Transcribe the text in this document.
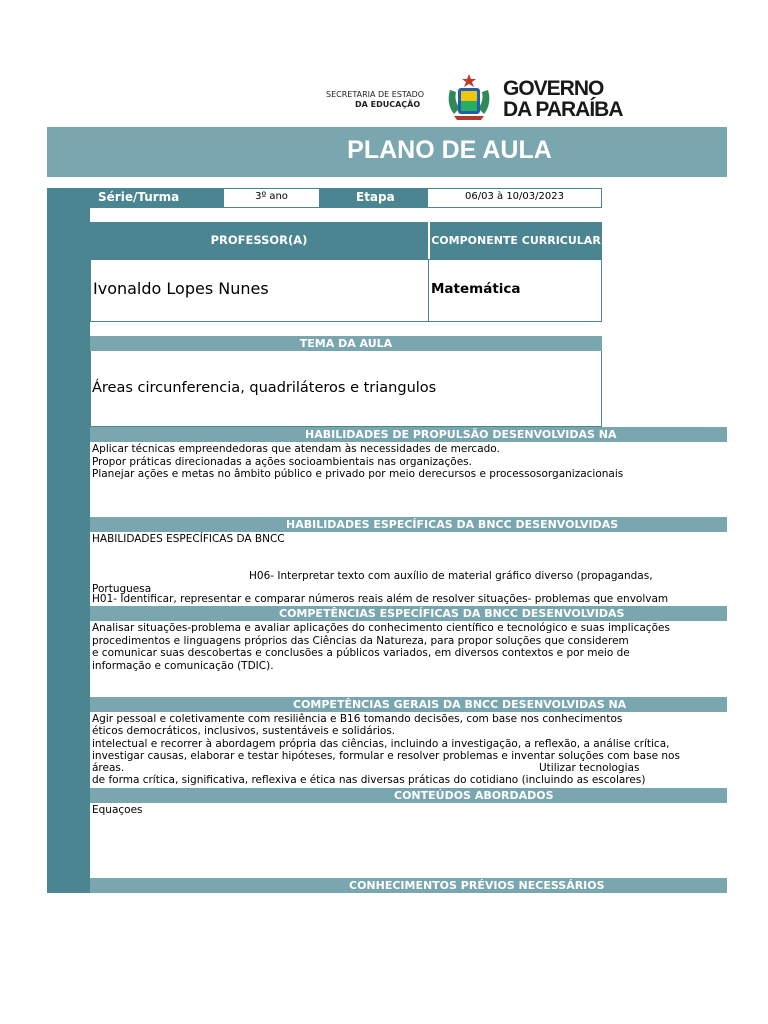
SECRETARIA DE ESTADO
DA EDUCAÇÃO
GOVERNO
DA PARAÍBA
PLANO DE AULA
Série/Turma	3º ano	Etapa	06/03 à 10/03/2023
PROFESSOR(A)	COMPONENTE CURRICULAR
Ivonaldo Lopes Nunes	Matemática
TEMA DA AULA
Áreas circunferencia, quadriláteros e triangulos
HABILIDADES DE PROPULSÃO DESENVOLVIDAS NA
Aplicar técnicas empreendedoras que atendam às necessidades de mercado.
Propor práticas direcionadas a ações socioambientais nas organizações.
Planejar ações e metas no âmbito público e privado por meio derecursos e processosorganizacionais
HABILIDADES ESPECÍFICAS DA BNCC DESENVOLVIDAS
HABILIDADES ESPECÍFICAS DA BNCC
H06- Interpretar texto com auxílio de material gráfico diverso (propagandas,
Portuguesa
H01- Identificar, representar e comparar números reais além de resolver situações- problemas que envolvam
COMPETÊNCIAS ESPECÍFICAS DA BNCC DESENVOLVIDAS
Analisar situações-problema e avaliar aplicações do conhecimento científico e tecnológico e suas implicações
procedimentos e linguagens próprios das Ciências da Natureza, para propor soluções que considerem
e comunicar suas descobertas e conclusões a públicos variados, em diversos contextos e por meio de
informação e comunicação (TDIC).
COMPETÊNCIAS GERAIS DA BNCC DESENVOLVIDAS NA
Agir pessoal e coletivamente com resiliência e B16 tomando decisões, com base nos conhecimentos
éticos democráticos, inclusivos, sustentáveis e solidários.
intelectual e recorrer à abordagem própria das ciências, incluindo a investigação, a reflexão, a análise crítica,
investigar causas, elaborar e testar hipóteses, formular e resolver problemas e inventar soluções com base nos
áreas.	Utilizar tecnologias
de forma crítica, significativa, reflexiva e ética nas diversas práticas do cotidiano (incluindo as escolares)
CONTEÚDOS ABORDADOS
Equaçoes
CONHECIMENTOS PRÉVIOS NECESSÁRIOS
